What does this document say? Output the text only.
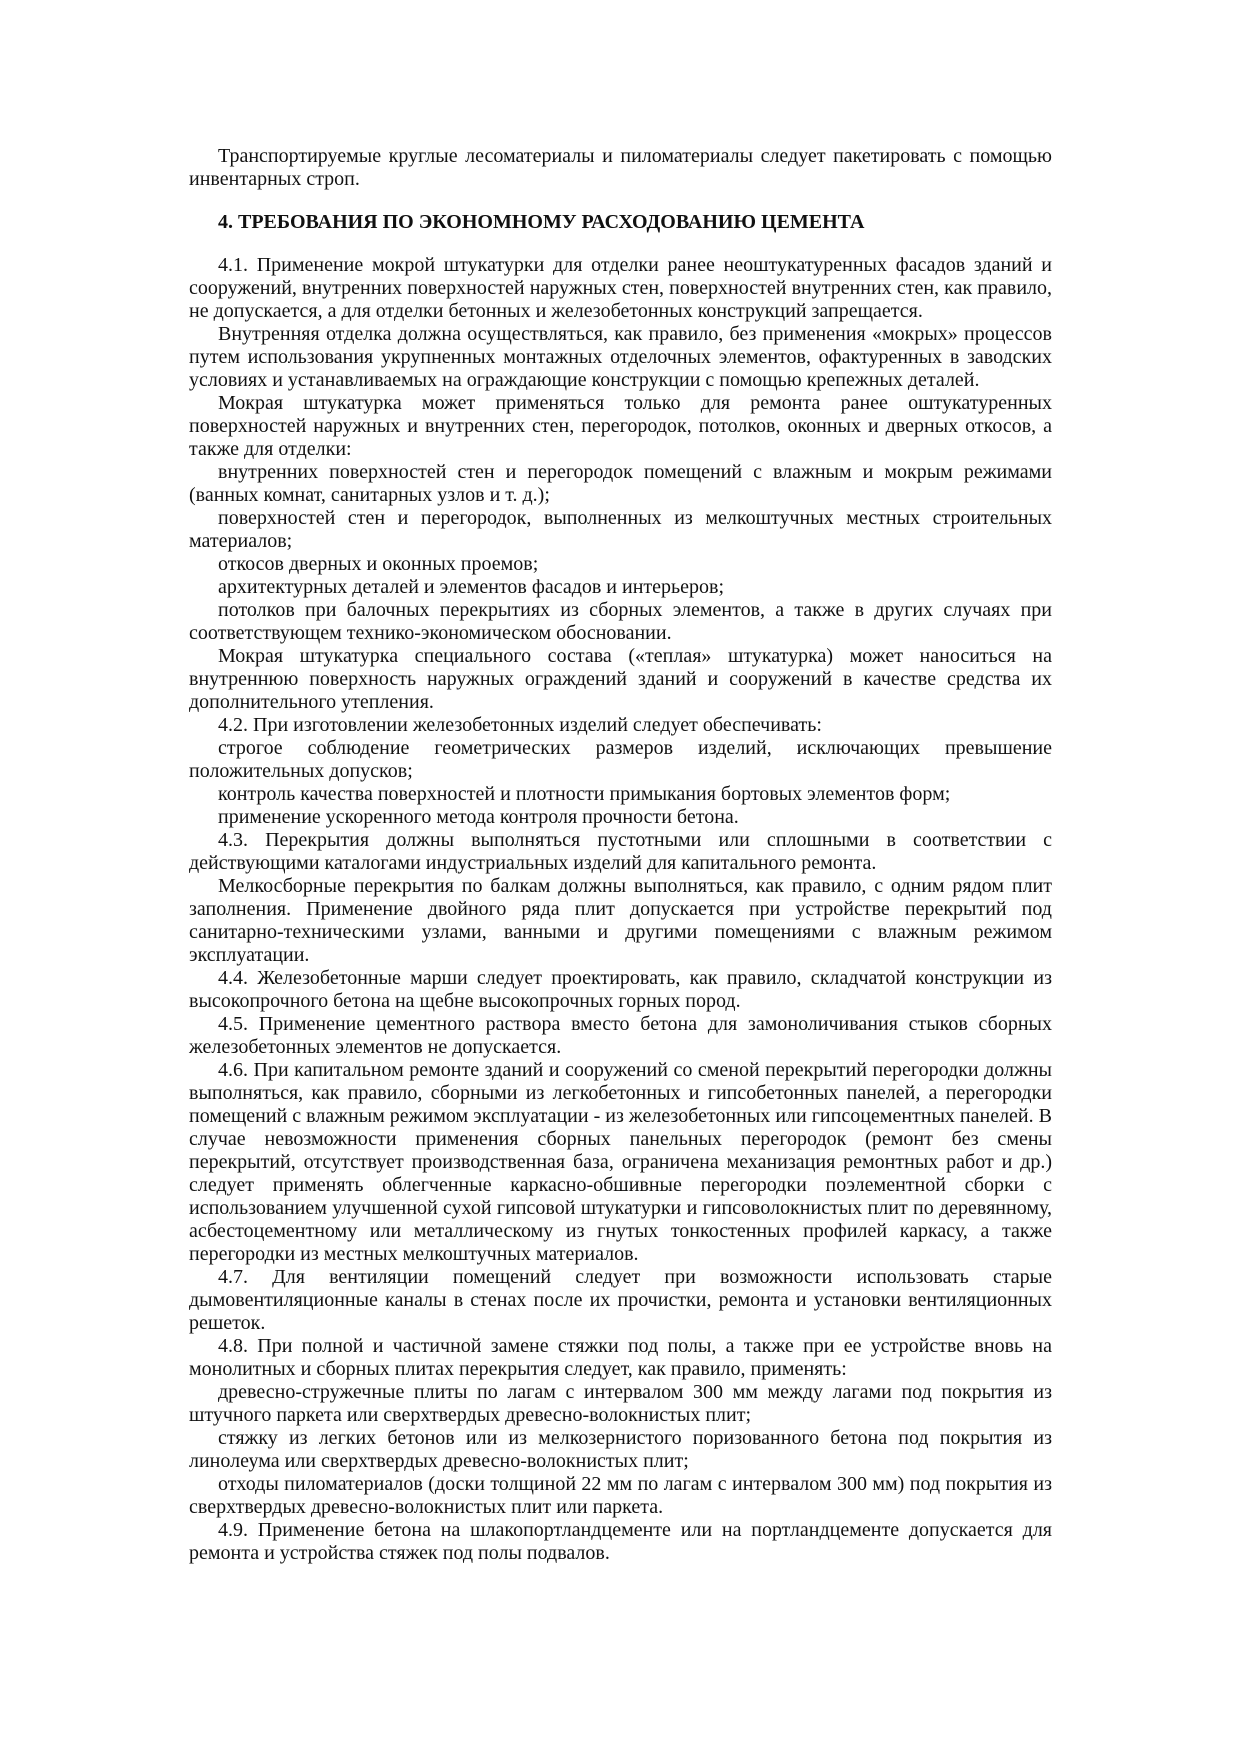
Транспортируемые круглые лесоматериалы и пиломатериалы следует пакетировать с помощью инвентарных строп.

4. ТРЕБОВАНИЯ ПО ЭКОНОМНОМУ РАСХОДОВАНИЮ ЦЕМЕНТА

4.1. Применение мокрой штукатурки для отделки ранее неоштукатуренных фасадов зданий и сооружений, внутренних поверхностей наружных стен, поверхностей внутренних стен, как правило, не допускается, а для отделки бетонных и железобетонных конструкций запрещается.

Внутренняя отделка должна осуществляться, как правило, без применения «мокрых» процессов путем использования укрупненных монтажных отделочных элементов, офактуренных в заводских условиях и устанавливаемых на ограждающие конструкции с помощью крепежных деталей.

Мокрая штукатурка может применяться только для ремонта ранее оштукатуренных поверхностей наружных и внутренних стен, перегородок, потолков, оконных и дверных откосов, а также для отделки:

внутренних поверхностей стен и перегородок помещений с влажным и мокрым режимами (ванных комнат, санитарных узлов и т. д.);

поверхностей стен и перегородок, выполненных из мелкоштучных местных строительных материалов;

откосов дверных и оконных проемов;

архитектурных деталей и элементов фасадов и интерьеров;

потолков при балочных перекрытиях из сборных элементов, а также в других случаях при соответствующем технико-экономическом обосновании.

Мокрая штукатурка специального состава («теплая» штукатурка) может наноситься на внутреннюю поверхность наружных ограждений зданий и сооружений в качестве средства их дополнительного утепления.

4.2. При изготовлении железобетонных изделий следует обеспечивать:

строгое соблюдение геометрических размеров изделий, исключающих превышение положительных допусков;

контроль качества поверхностей и плотности примыкания бортовых элементов форм;

применение ускоренного метода контроля прочности бетона.

4.3. Перекрытия должны выполняться пустотными или сплошными в соответствии с действующими каталогами индустриальных изделий для капитального ремонта.

Мелкосборные перекрытия по балкам должны выполняться, как правило, с одним рядом плит заполнения. Применение двойного ряда плит допускается при устройстве перекрытий под санитарно-техническими узлами, ванными и другими помещениями с влажным режимом эксплуатации.

4.4. Железобетонные марши следует проектировать, как правило, складчатой конструкции из высокопрочного бетона на щебне высокопрочных горных пород.

4.5. Применение цементного раствора вместо бетона для замоноличивания стыков сборных железобетонных элементов не допускается.

4.6. При капитальном ремонте зданий и сооружений со сменой перекрытий перегородки должны выполняться, как правило, сборными из легкобетонных и гипсобетонных панелей, а перегородки помещений с влажным режимом эксплуатации - из железобетонных или гипсоцементных панелей. В случае невозможности применения сборных панельных перегородок (ремонт без смены перекрытий, отсутствует производственная база, ограничена механизация ремонтных работ и др.) следует применять облегченные каркасно-обшивные перегородки поэлементной сборки с использованием улучшенной сухой гипсовой штукатурки и гипсоволокнистых плит по деревянному, асбестоцементному или металлическому из гнутых тонкостенных профилей каркасу, а также перегородки из местных мелкоштучных материалов.

4.7. Для вентиляции помещений следует при возможности использовать старые дымовентиляционные каналы в стенах после их прочистки, ремонта и установки вентиляционных решеток.

4.8. При полной и частичной замене стяжки под полы, а также при ее устройстве вновь на монолитных и сборных плитах перекрытия следует, как правило, применять:

древесно-стружечные плиты по лагам с интервалом 300 мм между лагами под покрытия из штучного паркета или сверхтвердых древесно-волокнистых плит;

стяжку из легких бетонов или из мелкозернистого поризованного бетона под покрытия из линолеума или сверхтвердых древесно-волокнистых плит;

отходы пиломатериалов (доски толщиной 22 мм по лагам с интервалом 300 мм) под покрытия из сверхтвердых древесно-волокнистых плит или паркета.

4.9. Применение бетона на шлакопортландцементе или на портландцементе допускается для ремонта и устройства стяжек под полы подвалов.
